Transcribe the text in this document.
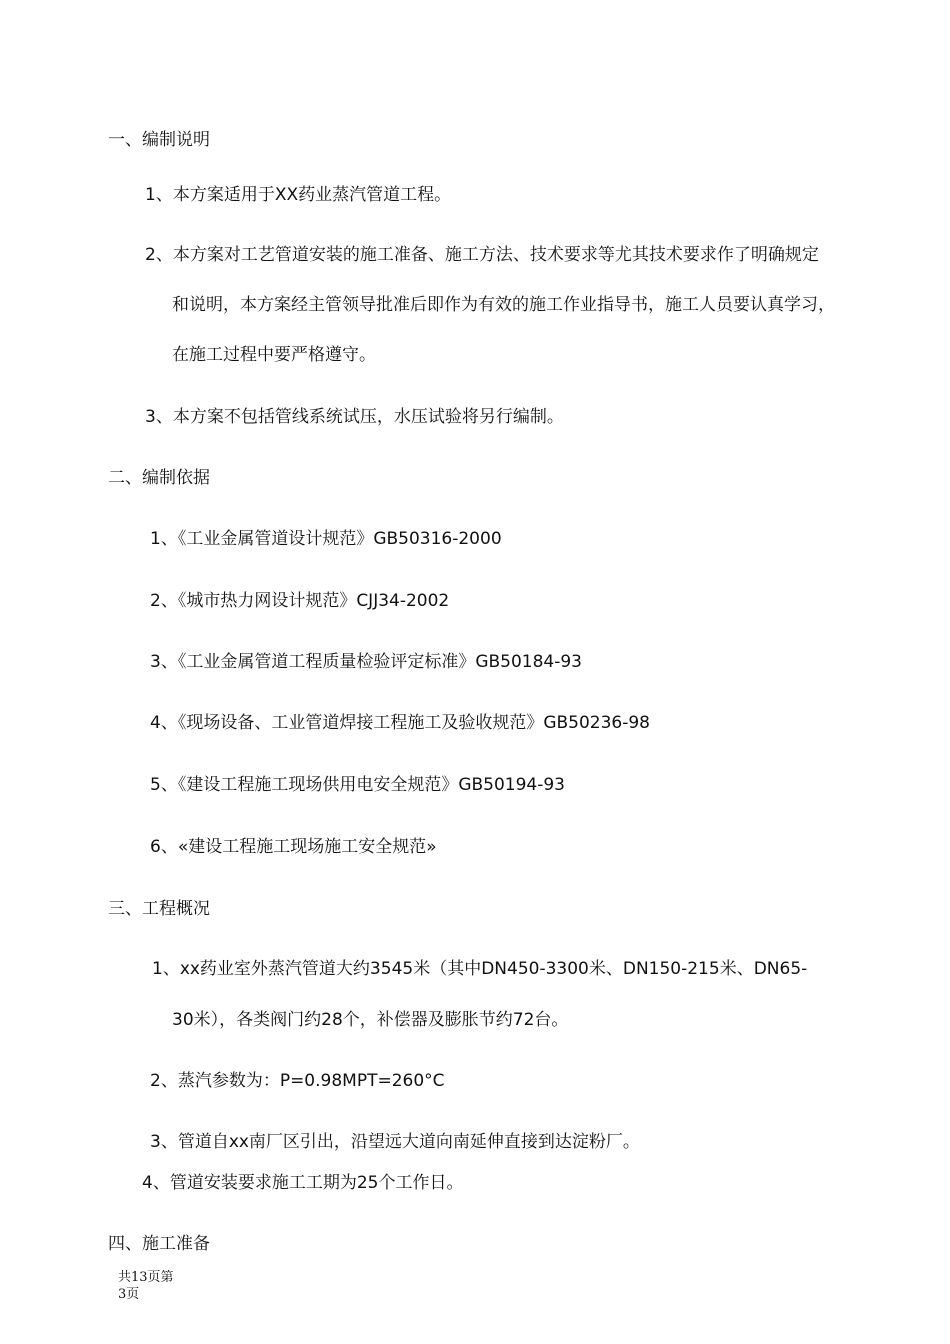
一、编制说明
1、本方案适用于XX药业蒸汽管道工程。
2、本方案对工艺管道安装的施工准备、施工方法、技术要求等尤其技术要求作了明确规定
和说明，本方案经主管领导批准后即作为有效的施工作业指导书，施工人员要认真学习，
在施工过程中要严格遵守。
3、本方案不包括管线系统试压，水压试验将另行编制。
二、编制依据
1、《工业金属管道设计规范》GB50316-2000
2、《城市热力网设计规范》CJJ34-2002
3、《工业金属管道工程质量检验评定标准》GB50184-93
4、《现场设备、工业管道焊接工程施工及验收规范》GB50236-98
5、《建设工程施工现场供用电安全规范》GB50194-93
6、«建设工程施工现场施工安全规范»
三、工程概况
1、xx药业室外蒸汽管道大约3545米（其中DN450-3300米、DN150-215米、DN65-
30米），各类阀门约28个，补偿器及膨胀节约72台。
2、蒸汽参数为：P=0.98MPT=260°C
3、管道自xx南厂区引出，沿望远大道向南延伸直接到达淀粉厂。
4、管道安装要求施工工期为25个工作日。
四、施工准备
共13页第
3页
